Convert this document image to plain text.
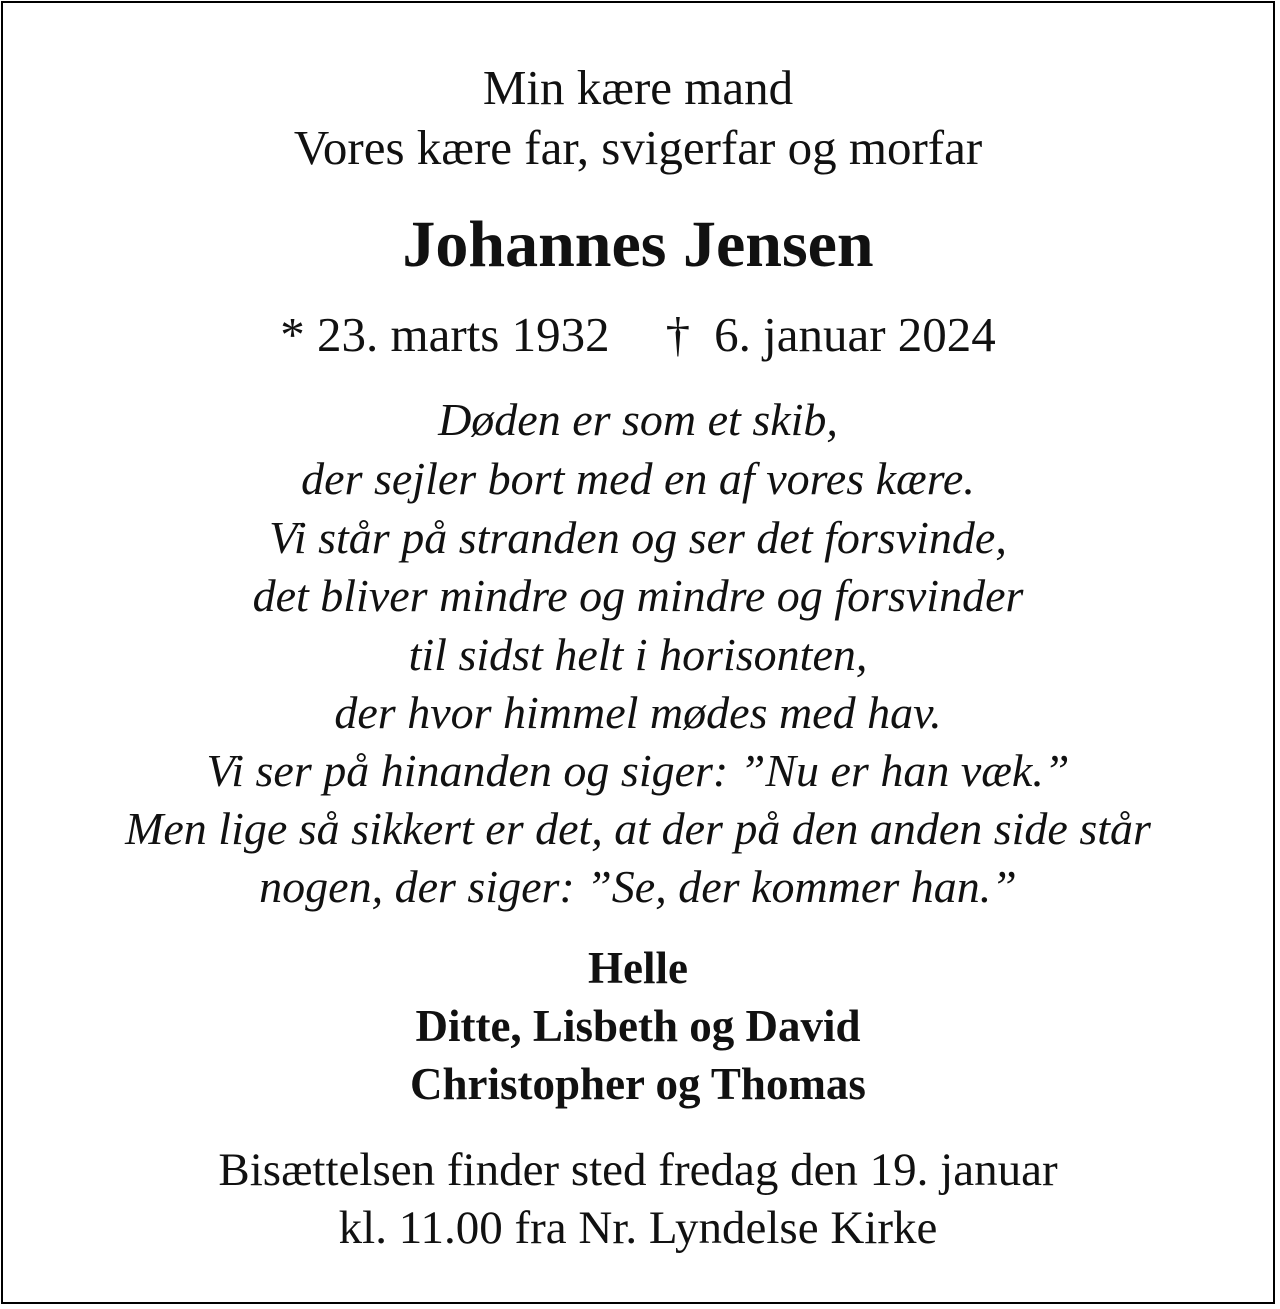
Min kære mand
Vores kære far, svigerfar og morfar
Johannes Jensen
* 23. marts 1932 † 6. januar 2024
Døden er som et skib,
der sejler bort med en af vores kære.
Vi står på stranden og ser det forsvinde,
det bliver mindre og mindre og forsvinder
til sidst helt i horisonten,
der hvor himmel mødes med hav.
Vi ser på hinanden og siger: ”Nu er han væk.”
Men lige så sikkert er det, at der på den anden side står
nogen, der siger: ”Se, der kommer han.”
Helle
Ditte, Lisbeth og David
Christopher og Thomas
Bisættelsen finder sted fredag den 19. januar
kl. 11.00 fra Nr. Lyndelse Kirke
